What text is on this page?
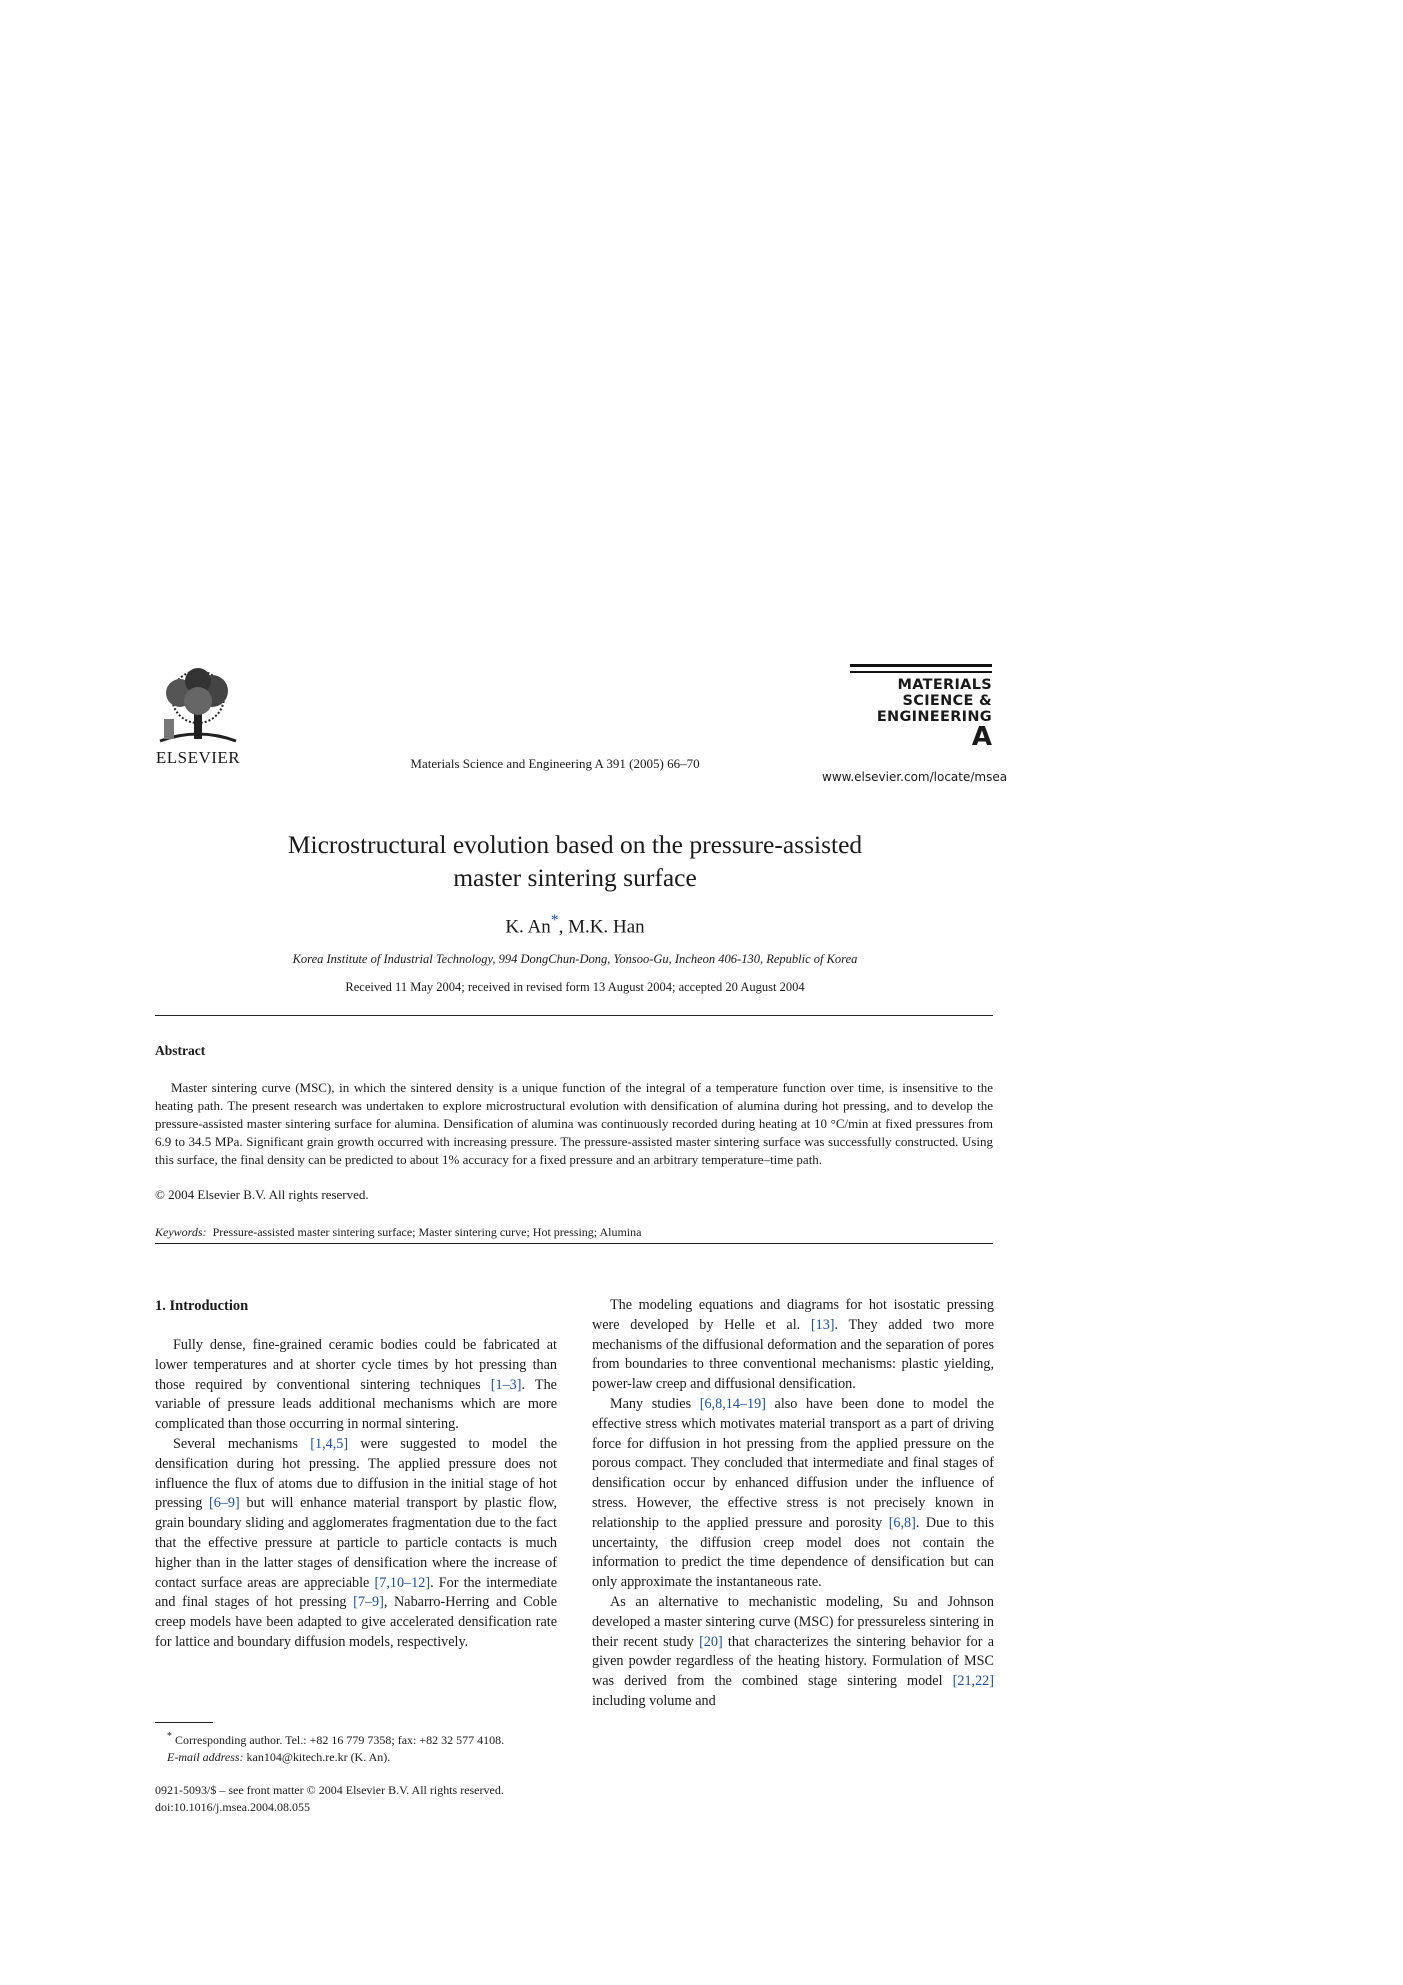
ELSEVIER	Materials Science and Engineering A 391 (2005) 66–70
MATERIALS
SCIENCE &
ENGINEERING
A
www.elsevier.com/locate/msea
Microstructural evolution based on the pressure-assisted
master sintering surface
K. An*, M.K. Han
Korea Institute of Industrial Technology, 994 DongChun-Dong, Yonsoo-Gu, Incheon 406-130, Republic of Korea
Received 11 May 2004; received in revised form 13 August 2004; accepted 20 August 2004
Abstract
Master sintering curve (MSC), in which the sintered density is a unique function of the integral of a temperature function over time, is insensitive to the heating path. The present research was undertaken to explore microstructural evolution with densification of alumina during hot pressing, and to develop the pressure-assisted master sintering surface for alumina. Densification of alumina was continuously recorded during heating at 10 °C/min at fixed pressures from 6.9 to 34.5 MPa. Significant grain growth occurred with increasing pressure. The pressure-assisted master sintering surface was successfully constructed. Using this surface, the final density can be predicted to about 1% accuracy for a fixed pressure and an arbitrary temperature–time path.
© 2004 Elsevier B.V. All rights reserved.
Keywords: Pressure-assisted master sintering surface; Master sintering curve; Hot pressing; Alumina
1. Introduction

Fully dense, fine-grained ceramic bodies could be fabricated at lower temperatures and at shorter cycle times by hot pressing than those required by conventional sintering techniques [1–3]. The variable of pressure leads additional mechanisms which are more complicated than those occurring in normal sintering.

Several mechanisms [1,4,5] were suggested to model the densification during hot pressing. The applied pressure does not influence the flux of atoms due to diffusion in the initial stage of hot pressing [6–9] but will enhance material transport by plastic flow, grain boundary sliding and agglomerates fragmentation due to the fact that the effective pressure at particle to particle contacts is much higher than in the latter stages of densification where the increase of contact surface areas are appreciable [7,10–12]. For the intermediate and final stages of hot pressing [7–9], Nabarro-Herring and Coble creep models have been adapted to give accelerated densification rate for lattice and boundary diffusion models, respectively.

The modeling equations and diagrams for hot isostatic pressing were developed by Helle et al. [13]. They added two more mechanisms of the diffusional deformation and the separation of pores from boundaries to three conventional mechanisms: plastic yielding, power-law creep and diffusional densification.

Many studies [6,8,14–19] also have been done to model the effective stress which motivates material transport as a part of driving force for diffusion in hot pressing from the applied pressure on the porous compact. They concluded that intermediate and final stages of densification occur by enhanced diffusion under the influence of stress. However, the effective stress is not precisely known in relationship to the applied pressure and porosity [6,8]. Due to this uncertainty, the diffusion creep model does not contain the information to predict the time dependence of densification but can only approximate the instantaneous rate.

As an alternative to mechanistic modeling, Su and Johnson developed a master sintering curve (MSC) for pressureless sintering in their recent study [20] that characterizes the sintering behavior for a given powder regardless of the heating history. Formulation of MSC was derived from the combined stage sintering model [21,22] including volume and

* Corresponding author. Tel.: +82 16 779 7358; fax: +82 32 577 4108.
E-mail address: kan104@kitech.re.kr (K. An).
0921-5093/$ – see front matter © 2004 Elsevier B.V. All rights reserved.
doi:10.1016/j.msea.2004.08.055
